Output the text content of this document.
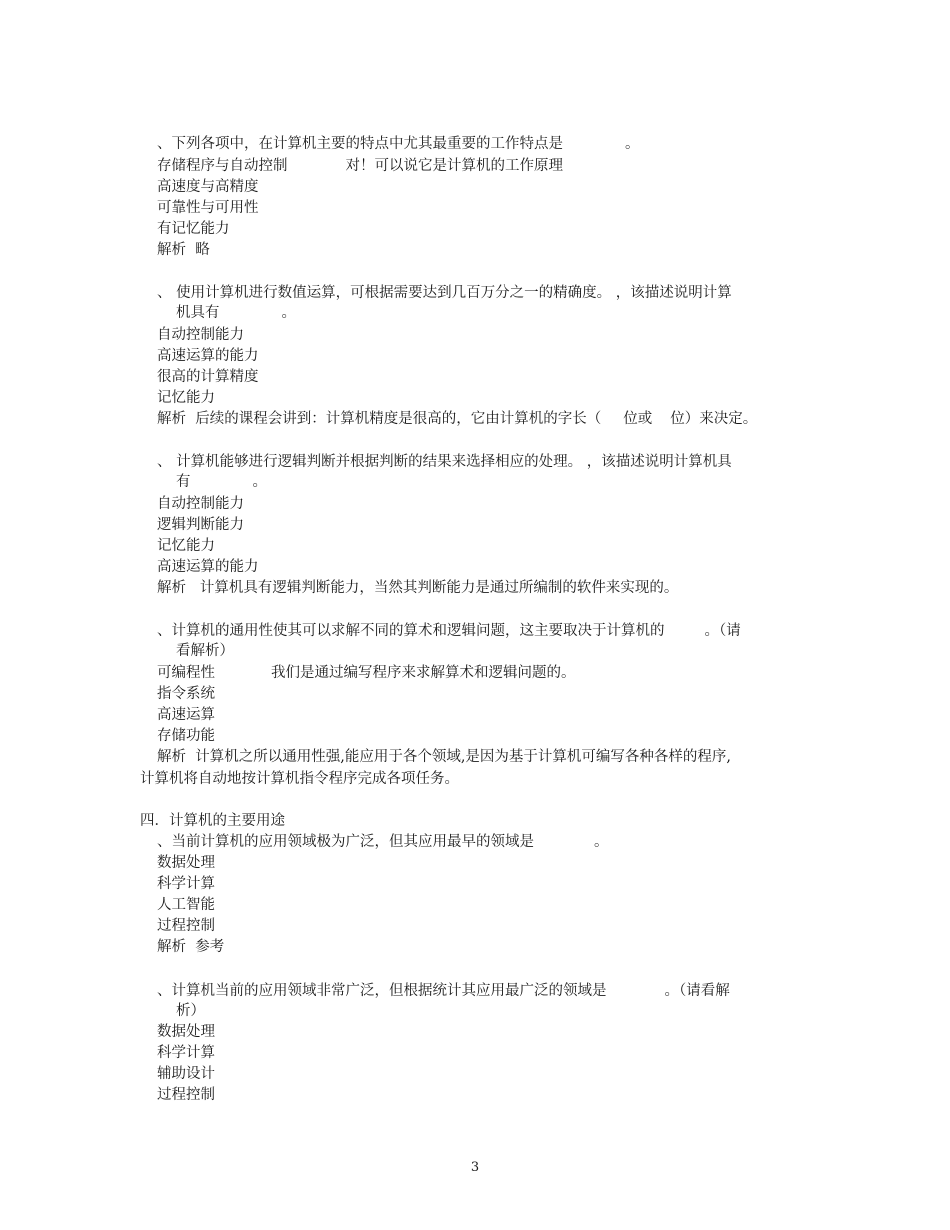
、下列各项中，在计算机主要的特点中尤其最重要的工作特点是	。
存储程序与自动控制	对！可以说它是计算机的工作原理
高速度与高精度
可靠性与可用性
有记忆能力
解析 略
、 使用计算机进行数值运算，可根据需要达到几百万分之一的精确度。 ，该描述说明计算
机具有	。
自动控制能力
高速运算的能力
很高的计算精度
记忆能力
解析 后续的课程会讲到：计算机精度是很高的，它由计算机的字长（ 位或 位）来决定。
、 计算机能够进行逻辑判断并根据判断的结果来选择相应的处理。 ，该描述说明计算机具
有	。
自动控制能力
逻辑判断能力
记忆能力
高速运算的能力
解析 计算机具有逻辑判断能力，当然其判断能力是通过所编制的软件来实现的。
、计算机的通用性使其可以求解不同的算术和逻辑问题，这主要取决于计算机的	。（请
看解析）
可编程性	我们是通过编写程序来求解算术和逻辑问题的。
指令系统
高速运算
存储功能
解析 计算机之所以通用性强,能应用于各个领域,是因为基于计算机可编写各种各样的程序,
计算机将自动地按计算机指令程序完成各项任务。
四．计算机的主要用途
、当前计算机的应用领域极为广泛，但其应用最早的领域是	。
数据处理
科学计算
人工智能
过程控制
解析 参考
、计算机当前的应用领域非常广泛，但根据统计其应用最广泛的领域是	。（请看解
析）
数据处理
科学计算
辅助设计
过程控制
3
